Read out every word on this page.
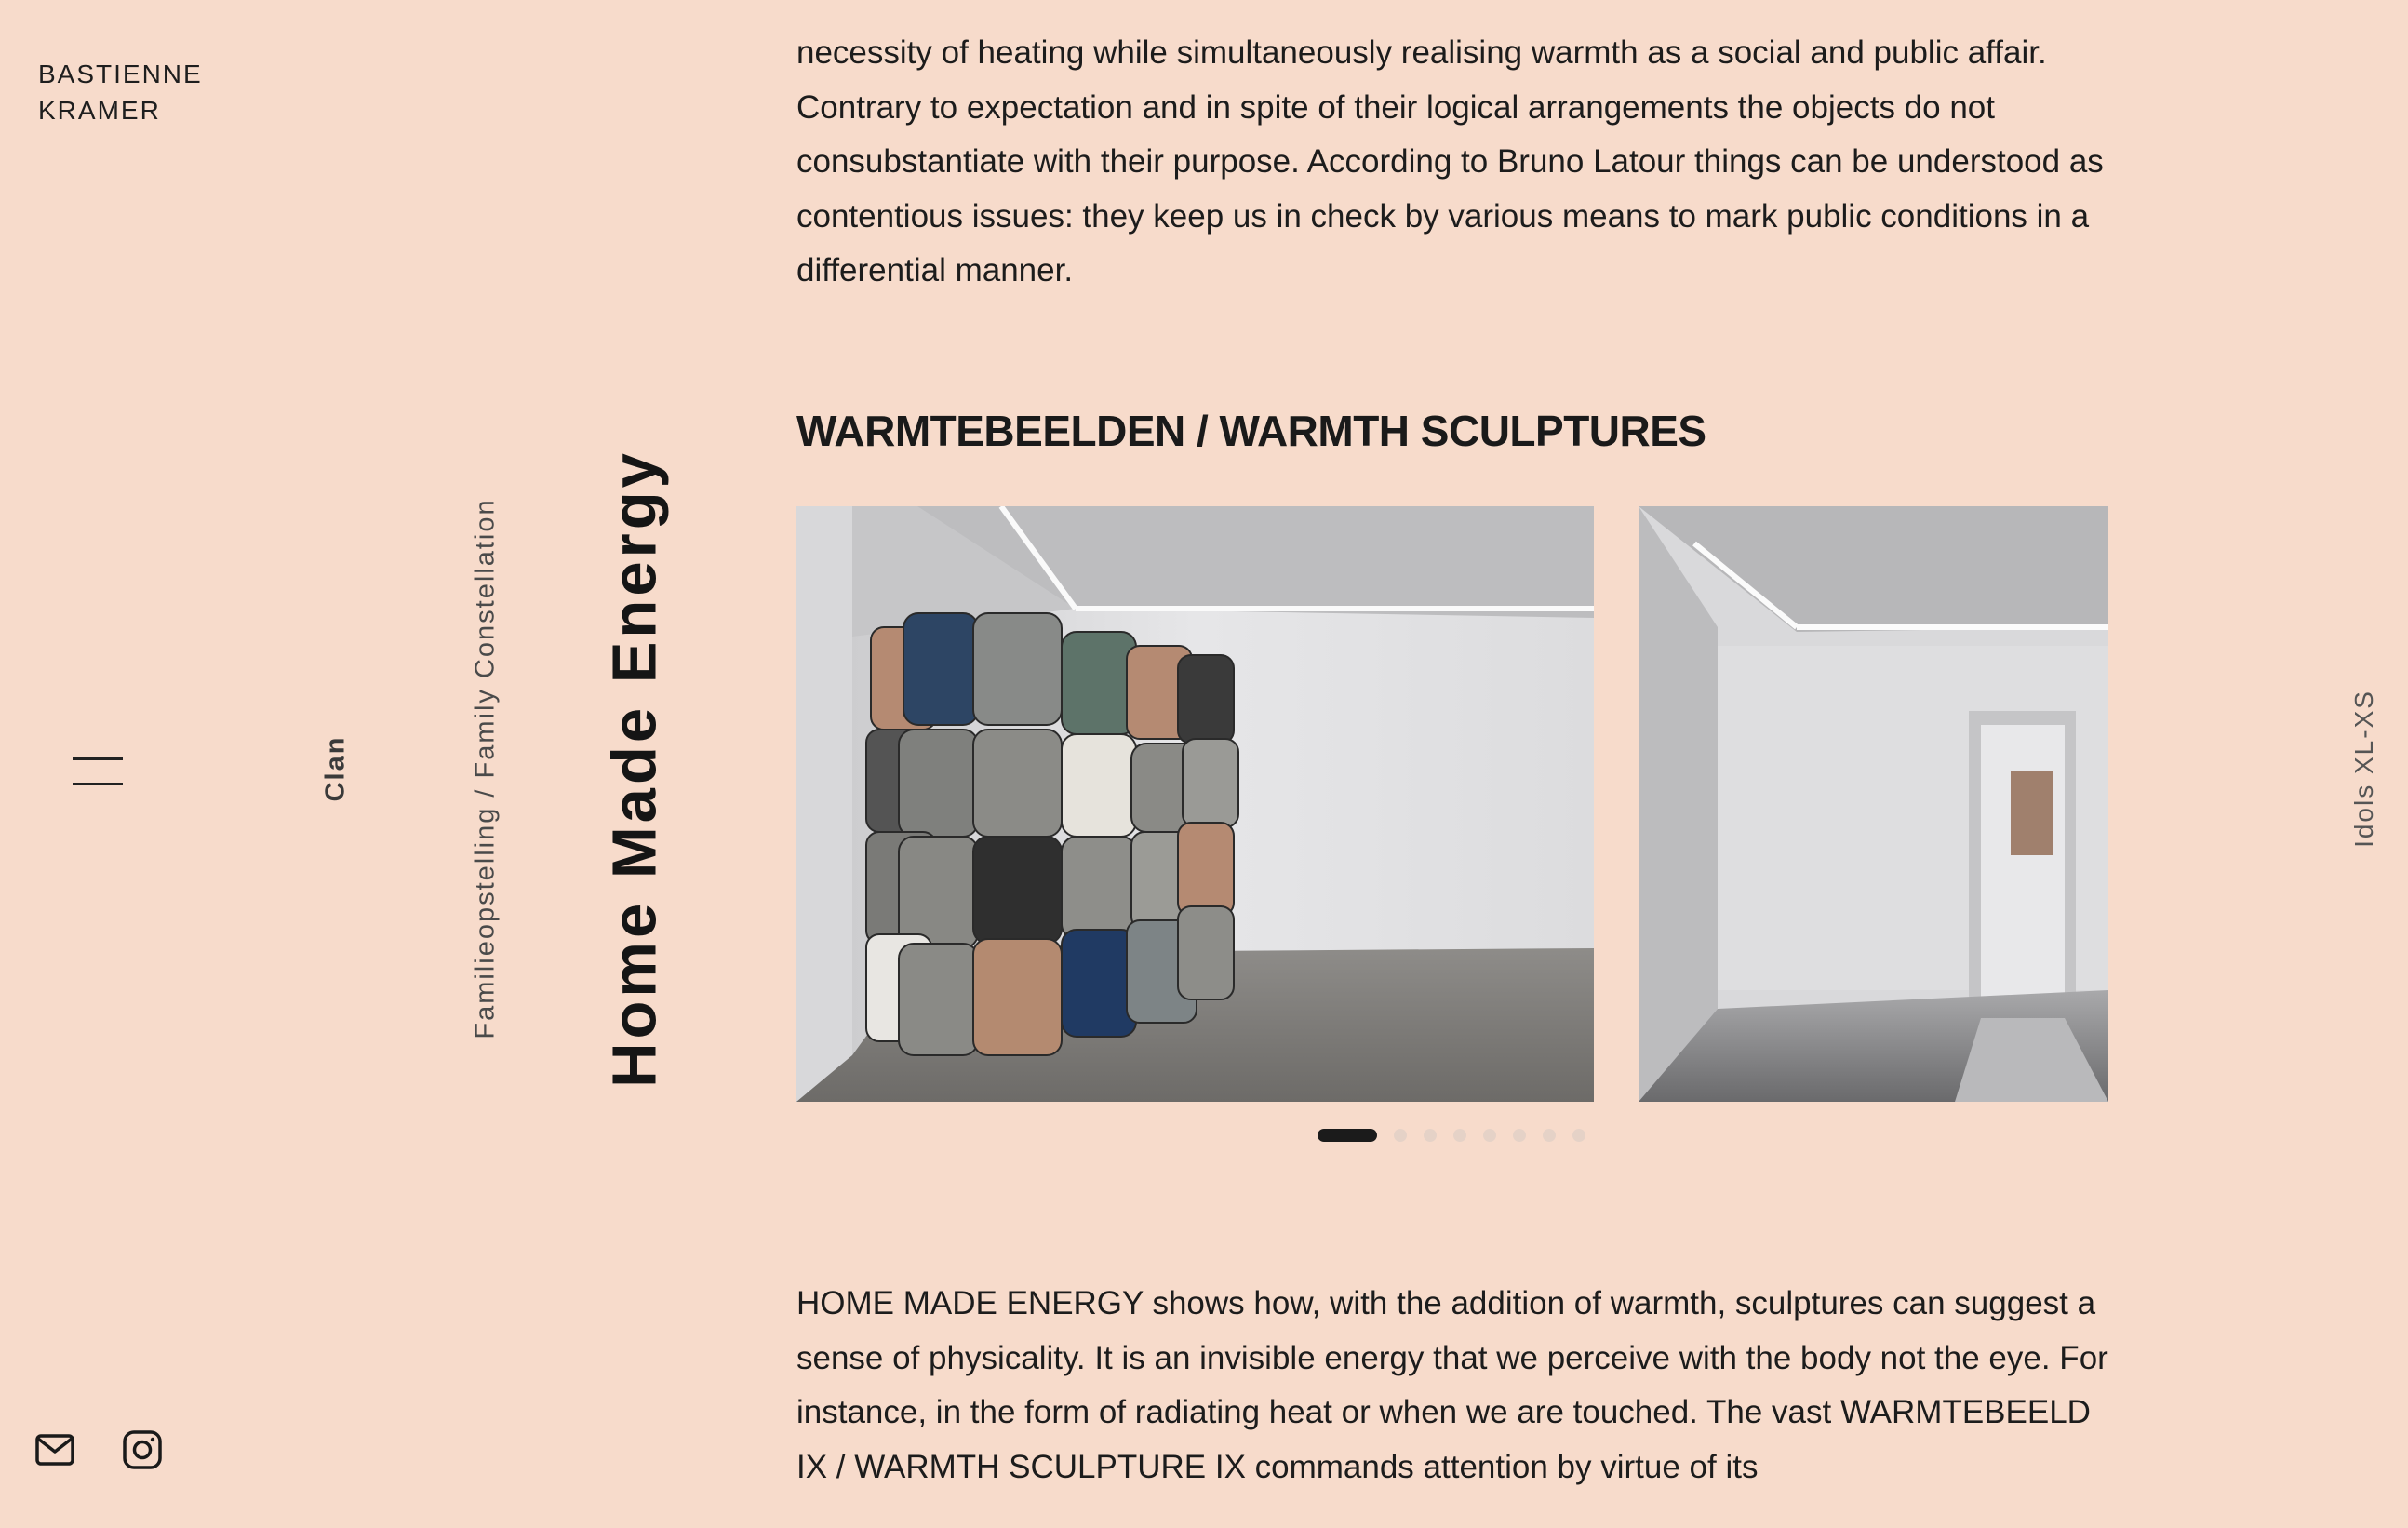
BASTIENNE
KRAMER
Clan	Familieopstelling / Family Constellation Home Made Energy	Idols XL-XS

necessity of heating while simultaneously realising warmth as a social and public affair. Contrary to expectation and in spite of their logical arrangements the objects do not consubstantiate with their purpose. According to Bruno Latour things can be understood as contentious issues: they keep us in check by various means to mark public conditions in a differential manner.

WARMTEBEELDEN / WARMTH SCULPTURES

HOME MADE ENERGY shows how, with the addition of warmth, sculptures can suggest a sense of physicality. It is an invisible energy that we perceive with the body not the eye. For instance, in the form of radiating heat or when we are touched. The vast WARMTEBEELD IX / WARMTH SCULPTURE IX commands attention by virtue of its
